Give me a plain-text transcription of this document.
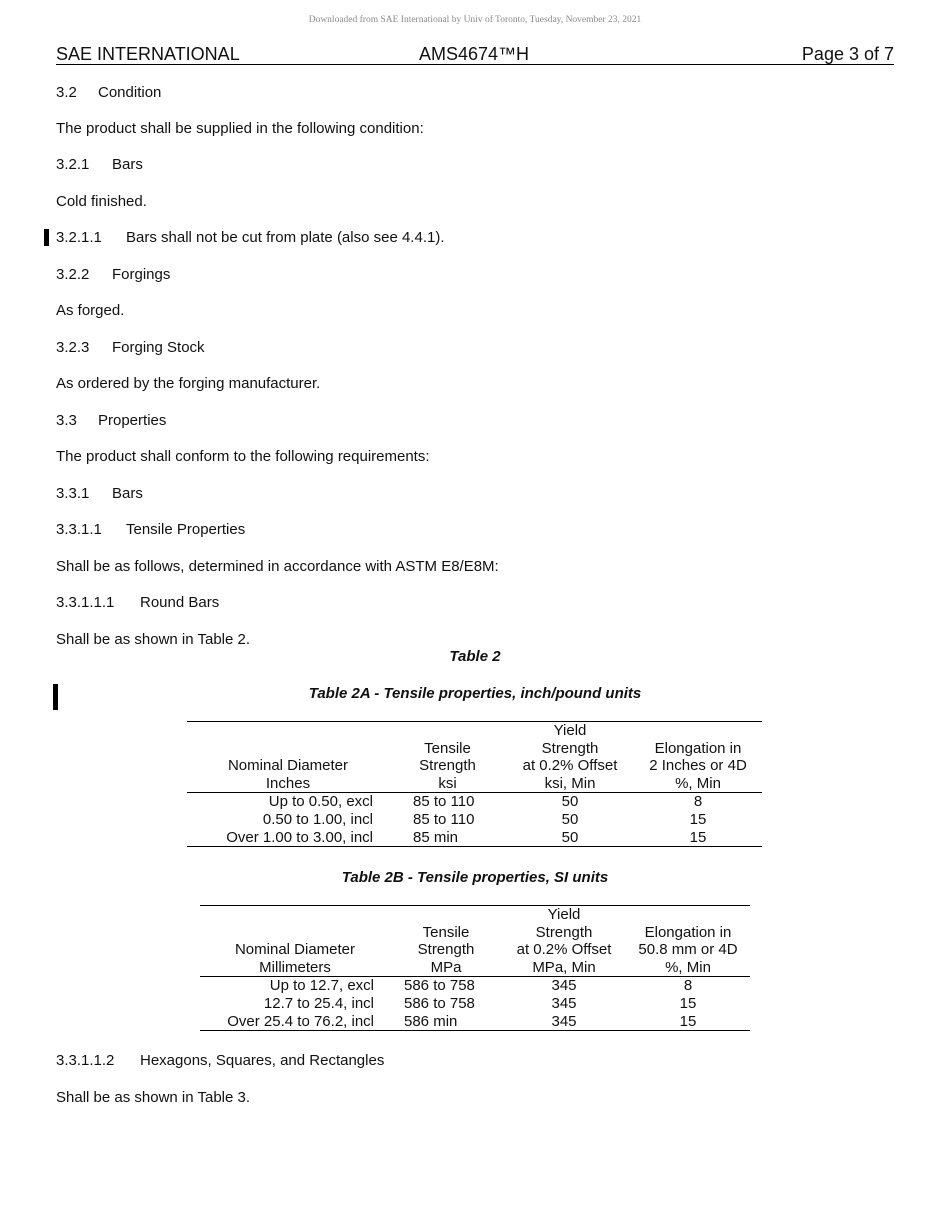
Downloaded from SAE International by Univ of Toronto, Tuesday, November 23, 2021
SAE INTERNATIONAL	AMS4674™H	Page 3 of 7
3.2 Condition
The product shall be supplied in the following condition:
3.2.1 Bars
Cold finished.
3.2.1.1 Bars shall not be cut from plate (also see 4.4.1).
3.2.2 Forgings
As forged.
3.2.3 Forging Stock
As ordered by the forging manufacturer.
3.3 Properties
The product shall conform to the following requirements:
3.3.1 Bars
3.3.1.1 Tensile Properties
Shall be as follows, determined in accordance with ASTM E8/E8M:
3.3.1.1.1 Round Bars
Shall be as shown in Table 2.
Table 2
Table 2A - Tensile properties, inch/pound units
		Yield	
	Tensile	Strength	Elongation in
Nominal Diameter	Strength	at 0.2% Offset	2 Inches or 4D
Inches	ksi	ksi, Min	%, Min
Up to 0.50, excl	85 to 110	50	8
0.50 to 1.00, incl	85 to 110	50	15
Over 1.00 to 3.00, incl	85 min	50	15
Table 2B - Tensile properties, SI units
		Yield	
	Tensile	Strength	Elongation in
Nominal Diameter	Strength	at 0.2% Offset	50.8 mm or 4D
Millimeters	MPa	MPa, Min	%, Min
Up to 12.7, excl	586 to 758	345	8
12.7 to 25.4, incl	586 to 758	345	15
Over 25.4 to 76.2, incl	586 min	345	15
3.3.1.1.2 Hexagons, Squares, and Rectangles
Shall be as shown in Table 3.
